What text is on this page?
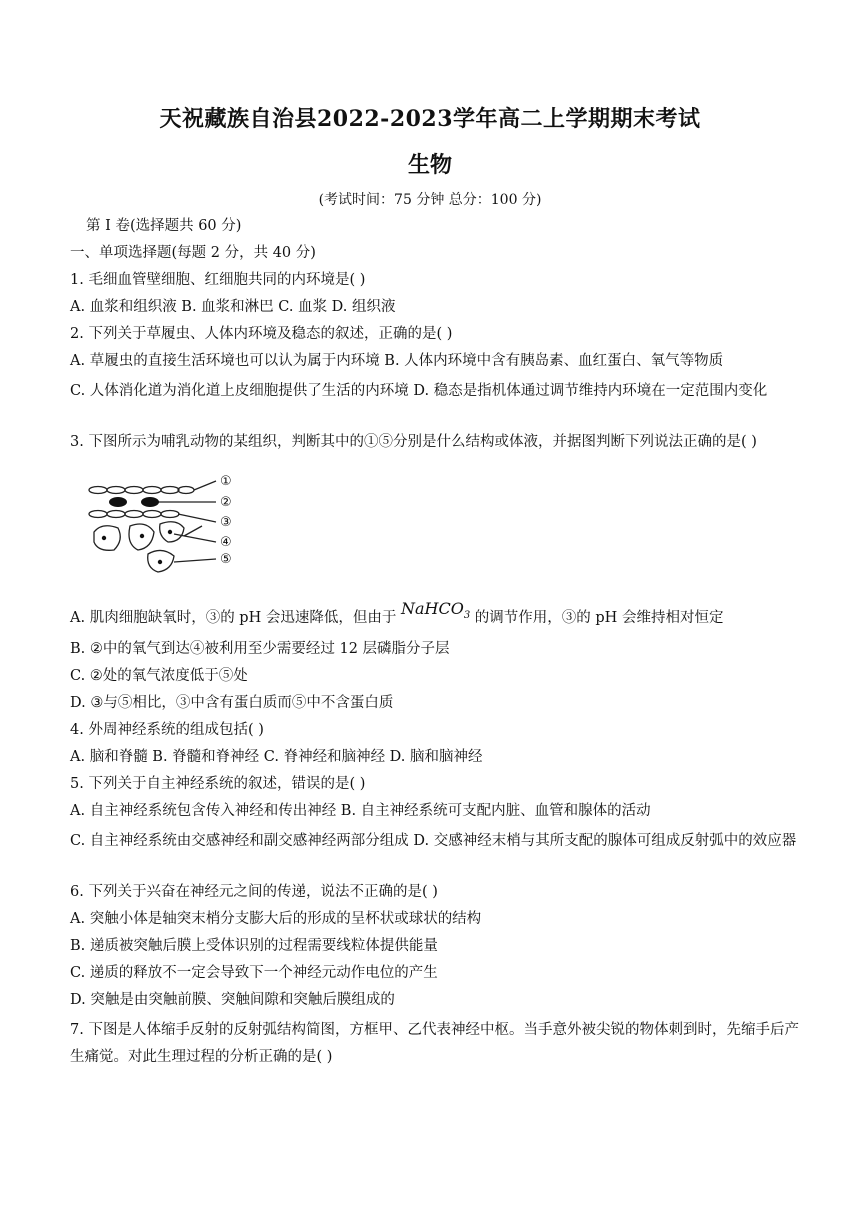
天祝藏族自治县2022-2023学年高二上学期期末考试
生物
(考试时间：75 分钟 总分：100 分)
第 I 卷(选择题共 60 分)
一、单项选择题(每题 2 分，共 40 分)
1. 毛细血管壁细胞、红细胞共同的内环境是( )
A. 血浆和组织液 B. 血浆和淋巴 C. 血浆 D. 组织液
2. 下列关于草履虫、人体内环境及稳态的叙述，正确的是( )
A. 草履虫的直接生活环境也可以认为属于内环境 B. 人体内环境中含有胰岛素、血红蛋白、氧气等物质
C. 人体消化道为消化道上皮细胞提供了生活的内环境 D. 稳态是指机体通过调节维持内环境在一定范围内变化
3. 下图所示为哺乳动物的某组织，判断其中的①⑤分别是什么结构或体液，并据图判断下列说法正确的是( )
①
②
③
④
⑤
A. 肌肉细胞缺氧时，③的 pH 会迅速降低，但由于 NaHCO$_3$ 的调节作用，③的 pH 会维持相对恒定
B. ②中的氧气到达④被利用至少需要经过 12 层磷脂分子层
C. ②处的氧气浓度低于⑤处
D. ③与⑤相比，③中含有蛋白质而⑤中不含蛋白质
4. 外周神经系统的组成包括( )
A. 脑和脊髓 B. 脊髓和脊神经 C. 脊神经和脑神经 D. 脑和脑神经
5. 下列关于自主神经系统的叙述，错误的是( )
A. 自主神经系统包含传入神经和传出神经 B. 自主神经系统可支配内脏、血管和腺体的活动
C. 自主神经系统由交感神经和副交感神经两部分组成 D. 交感神经末梢与其所支配的腺体可组成反射弧中的效应器
6. 下列关于兴奋在神经元之间的传递，说法不正确的是( )
A. 突触小体是轴突末梢分支膨大后的形成的呈杯状或球状的结构
B. 递质被突触后膜上受体识别的过程需要线粒体提供能量
C. 递质的释放不一定会导致下一个神经元动作电位的产生
D. 突触是由突触前膜、突触间隙和突触后膜组成的
7. 下图是人体缩手反射的反射弧结构简图，方框甲、乙代表神经中枢。当手意外被尖锐的物体刺到时，先缩手后产生痛觉。对此生理过程的分析正确的是( )
